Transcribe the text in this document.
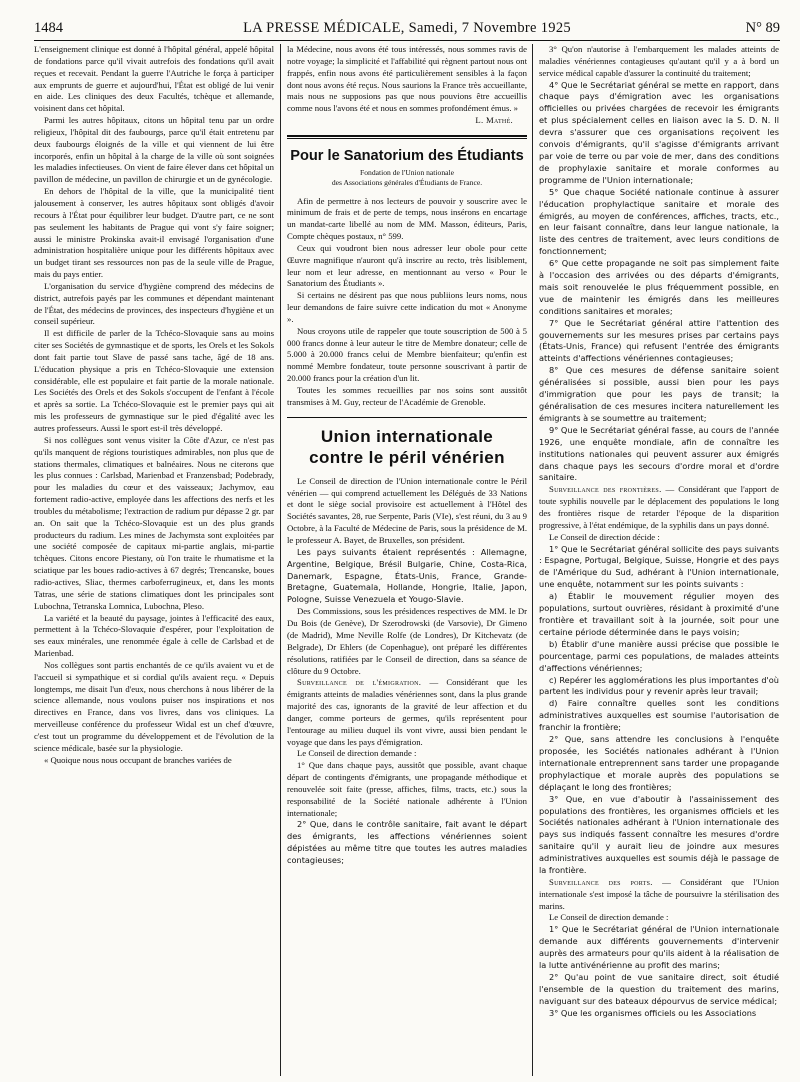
1484	LA PRESSE MÉDICALE, Samedi, 7 Novembre 1925	N° 89

L'enseignement clinique est donné à l'hôpital général, appelé hôpital de fondations parce qu'il vivait autrefois des fondations qu'il avait reçues et recevait. Pendant la guerre l'Autriche le força à participer aux emprunts de guerre et aujourd'hui, l'État est obligé de lui venir en aide. Les cliniques des deux Facultés, tchèque et allemande, voisinent dans cet hôpital.

Parmi les autres hôpitaux, citons un hôpital tenu par un ordre religieux, l'hôpital dit des faubourgs, parce qu'il était entretenu par deux faubourgs éloignés de la ville et qui viennent de lui être incorporés, enfin un hôpital à la charge de la ville où sont soignées les maladies infectieuses. On vient de faire élever dans cet hôpital un pavillon de médecine, un pavillon de chirurgie et un de gynécologie.

En dehors de l'hôpital de la ville, que la municipalité tient jalousement à conserver, les autres hôpitaux sont obligés d'avoir recours à l'État pour équilibrer leur budget. D'autre part, ce ne sont pas seulement les habitants de Prague qui vont s'y faire soigner; aussi le ministre Prokinska avait-il envisagé l'organisation d'une administration hospitalière unique pour les différents hôpitaux avec un budget tirant ses ressources non pas de la seule ville de Prague, mais du pays entier.

L'organisation du service d'hygiène comprend des médecins de district, autrefois payés par les communes et dépendant maintenant de l'État, des médecins de provinces, des inspecteurs d'hygiène et un conseil supérieur.

Il est difficile de parler de la Tchéco-Slovaquie sans au moins citer ses Sociétés de gymnastique et de sports, les Orels et les Sokols dont fait partie tout Slave de passé sans tache, âgé de 18 ans. L'éducation physique a pris en Tchéco-Slovaquie une extension considérable, elle est populaire et fait partie de la morale nationale. Les Sociétés des Orels et des Sokols s'occupent de l'enfant à l'école et après sa sortie. La Tchéco-Slovaquie est le premier pays qui ait mis les professeurs de gymnastique sur le pied d'égalité avec les autres professeurs. Aussi le sport est-il très développé.

Si nos collègues sont venus visiter la Côte d'Azur, ce n'est pas qu'ils manquent de régions touristiques admirables, non plus que de stations thermales, climatiques et balnéaires. Nous ne citerons que les plus connues : Carlsbad, Marienbad et Franzensbad; Podebrady, pour les maladies du cœur et des vaisseaux; Jachymov, eau fortement radio-active, employée dans les affections des nerfs et les troubles du métabolisme; l'extraction de radium pur dépasse 2 gr. par an. On sait que la Tchéco-Slovaquie est un des plus grands producteurs du radium. Les mines de Jachymsta sont exploitées par une société composée de capitaux mi-partie anglais, mi-partie tchèques. Citons encore Piestany, où l'on traite le rhumatisme et la sciatique par les boues radio-actives à 67 degrés; Trencanske, boues radio-actives, Sliac, thermes carboferrugineux, et, dans les monts Tatras, une série de stations climatiques dont les principales sont Lubochna, Tetranska Lomnica, Lubochna, Pleso.

La variété et la beauté du paysage, jointes à l'efficacité des eaux, permettent à la Tchéco-Slovaquie d'espérer, pour l'exploitation de ses eaux minérales, une renommée égale à celle de Carlsbad et de Marienbad.

Nos collègues sont partis enchantés de ce qu'ils avaient vu et de l'accueil si sympathique et si cordial qu'ils avaient reçu. « Depuis longtemps, me disait l'un d'eux, nous cherchons à nous libérer de la science allemande, nous voulons puiser nos inspirations et nos directives en France, dans vos livres, dans vos cliniques. La merveilleuse conférence du professeur Widal est un chef d'œuvre, c'est tout un programme du développement et de l'évolution de la science médicale, basée sur la physiologie.

« Quoique nous nous occupant de branches variées de

la Médecine, nous avons été tous intéressés, nous sommes ravis de notre voyage; la simplicité et l'affabilité qui règnent partout nous ont frappés, enfin nous avons été particulièrement sensibles à la façon dont nous avons été reçus. Nous saurions la France très accueillante, mais nous ne supposions pas que nous pouvions être accueillis comme nous l'avons été et nous en sommes profondément émus. »

L. Mathé.

Pour le Sanatorium des Étudiants
Fondation de l'Union nationale
des Associations générales d'Étudiants de France.

Afin de permettre à nos lecteurs de pouvoir y souscrire avec le minimum de frais et de perte de temps, nous insérons en encartage un mandat-carte libellé au nom de MM. Masson, éditeurs, Paris, Compte chèques postaux, n° 599.

Ceux qui voudront bien nous adresser leur obole pour cette Œuvre magnifique n'auront qu'à inscrire au recto, très lisiblement, leur nom et leur adresse, en mentionnant au verso « Pour le Sanatorium des Étudiants ».

Si certains ne désirent pas que nous publiions leurs noms, nous leur demandons de faire suivre cette indication du mot « Anonyme ».

Nous croyons utile de rappeler que toute souscription de 500 à 5 000 francs donne à leur auteur le titre de Membre donateur; celle de 5.000 à 20.000 francs celui de Membre bienfaiteur; qu'enfin est nommé Membre fondateur, toute personne souscrivant à partir de 20.000 francs pour la création d'un lit.

Toutes les sommes recueillies par nos soins sont aussitôt transmises à M. Guy, recteur de l'Académie de Grenoble.

Union internationale
contre le péril vénérien

Le Conseil de direction de l'Union internationale contre le Péril vénérien — qui comprend actuellement les Délégués de 33 Nations et dont le siège social provisoire est actuellement à l'Hôtel des Sociétés savantes, 28, rue Serpente, Paris (VIe), s'est réuni, du 3 au 9 Octobre, à la Faculté de Médecine de Paris, sous la présidence de M. le professeur A. Bayet, de Bruxelles, son président.

Les pays suivants étaient représentés : Allemagne, Argentine, Belgique, Brésil Bulgarie, Chine, Costa-Rica, Danemark, Espagne, États-Unis, France, Grande-Bretagne, Guatemala, Hollande, Hongrie, Italie, Japon, Pologne, Suisse Venezuela et Yougo-Slavie.

Des Commissions, sous les présidences respectives de MM. le Dr Du Bois (de Genève), Dr Szerodrowski (de Varsovie), Dr Gimeno (de Madrid), Mme Neville Rolfe (de Londres), Dr Kitchevatz (de Belgrade), Dr Ehlers (de Copenhague), ont préparé les différentes résolutions, ratifiées par le Conseil de direction, dans sa séance de clôture du 9 Octobre.

Surveillance de l'émigration. — Considérant que les émigrants atteints de maladies vénériennes sont, dans la plus grande majorité des cas, ignorants de la gravité de leur affection et du danger, comme porteurs de germes, qu'ils représentent pour l'entourage au milieu duquel ils vont vivre, aussi bien pendant le voyage que dans les pays d'émigration.

Le Conseil de direction demande :

1° Que dans chaque pays, aussitôt que possible, avant chaque départ de contingents d'émigrants, une propagande méthodique et renouvelée soit faite (presse, affiches, films, tracts, etc.) sous la responsabilité de la Société nationale adhérente à l'Union internationale;

2° Que, dans le contrôle sanitaire, fait avant le départ des émigrants, les affections vénériennes soient dépistées au même titre que toutes les autres maladies contagieuses;

3° Qu'on n'autorise à l'embarquement les malades atteints de maladies vénériennes contagieuses qu'autant qu'il y a à bord un service médical capable d'assurer la continuité du traitement;

4° Que le Secrétariat général se mette en rapport, dans chaque pays d'émigration avec les organisations officielles ou privées chargées de recevoir les émigrants et plus spécialement celles en liaison avec la S. D. N. Il devra s'assurer que ces organisations reçoivent les convois d'émigrants, qu'il s'agisse d'émigrants arrivant par voie de terre ou par voie de mer, dans des conditions de prophylaxie sanitaire et morale conformes au programme de l'Union internationale;

5° Que chaque Société nationale continue à assurer l'éducation prophylactique sanitaire et morale des émigrés, au moyen de conférences, affiches, tracts, etc., en leur faisant connaître, dans leur langue nationale, la liste des centres de traitement, avec leurs conditions de fonctionnement;

6° Que cette propagande ne soit pas simplement faite à l'occasion des arrivées ou des départs d'émigrants, mais soit renouvelée le plus fréquemment possible, en vue de maintenir les émigrés dans les meilleures conditions sanitaires et morales;

7° Que le Secrétariat général attire l'attention des gouvernements sur les mesures prises par certains pays (États-Unis, France) qui refusent l'entrée des émigrants atteints d'affections vénériennes contagieuses;

8° Que ces mesures de défense sanitaire soient généralisées si possible, aussi bien pour les pays d'immigration que pour les pays de transit; la généralisation de ces mesures incitera naturellement les émigrants à se soumettre au traitement;

9° Que le Secrétariat général fasse, au cours de l'année 1926, une enquête mondiale, afin de connaître les institutions nationales qui peuvent assurer aux émigrés dans chaque pays les secours d'ordre moral et d'ordre sanitaire.

Surveillance des frontières. — Considérant que l'apport de toute syphilis nouvelle par le déplacement des populations le long des frontières risque de retarder l'époque de la disparition progressive, à l'état endémique, de la syphilis dans un pays donné.

Le Conseil de direction décide :

1° Que le Secrétariat général sollicite des pays suivants : Espagne, Portugal, Belgique, Suisse, Hongrie et des pays de l'Amérique du Sud, adhérant à l'Union internationale, une enquête, notamment sur les points suivants :

a) Établir le mouvement régulier moyen des populations, surtout ouvrières, résidant à proximité d'une frontière et travaillant soit à la journée, soit pour une certaine période déterminée dans le pays voisin;

b) Établir d'une manière aussi précise que possible le pourcentage, parmi ces populations, de malades atteints d'affections vénériennes;

c) Repérer les agglomérations les plus importantes d'où partent les individus pour y revenir après leur travail;

d) Faire connaître quelles sont les conditions administratives auxquelles est soumise l'autorisation de franchir la frontière;

2° Que, sans attendre les conclusions à l'enquête proposée, les Sociétés nationales adhérant à l'Union internationale entreprennent sans tarder une propagande prophylactique et morale auprès des populations se déplaçant le long des frontières;

3° Que, en vue d'aboutir à l'assainissement des populations des frontières, les organismes officiels et les Sociétés nationales adhérant à l'Union internationale des pays sus indiqués fassent connaître les mesures d'ordre sanitaire qu'il y aurait lieu de joindre aux mesures administratives auxquelles est soumis déjà le passage de la frontière.

Surveillance des ports. — Considérant que l'Union internationale s'est imposé la tâche de poursuivre la stérilisation des marins.

Le Conseil de direction demande :

1° Que le Secrétariat général de l'Union internationale demande aux différents gouvernements d'intervenir auprès des armateurs pour qu'ils aident à la réalisation de la lutte antivénérienne au profit des marins;

2° Qu'au point de vue sanitaire direct, soit étudié l'ensemble de la question du traitement des marins, naviguant sur des bateaux dépourvus de service médical;

3° Que les organismes officiels ou les Associations
